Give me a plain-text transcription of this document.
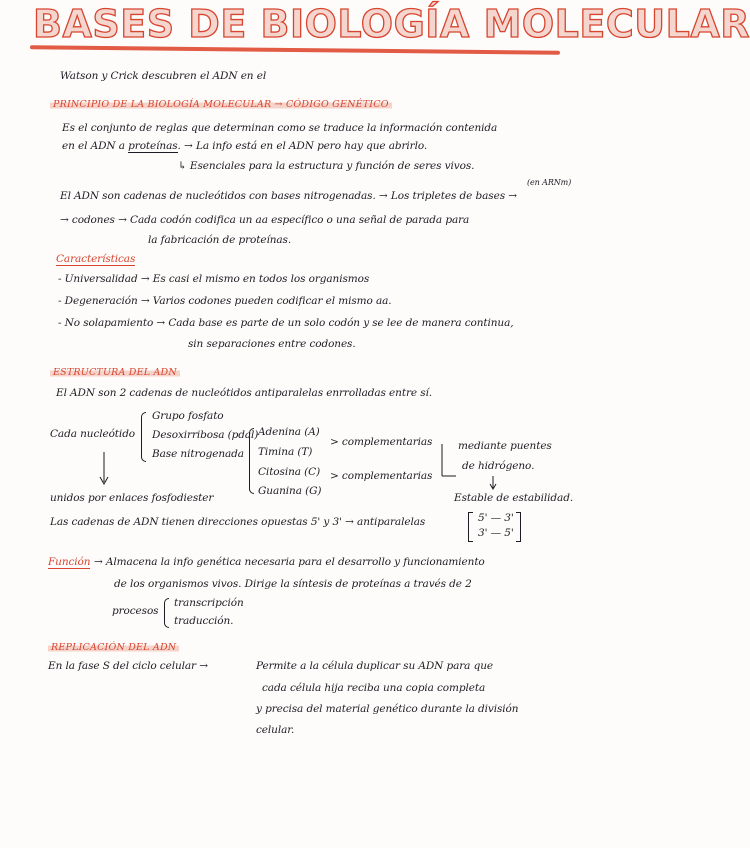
BASES DE BIOLOGÍA MOLECULAR
Watson y Crick descubren el ADN en el
PRINCIPIO DE LA BIOLOGÍA MOLECULAR → CÓDIGO GENÉTICO
Es el conjunto de reglas que determinan como se traduce la información contenida
en el ADN a proteínas. → La info está en el ADN pero hay que abrirlo.
↳ Esenciales para la estructura y función de seres vivos.
(en ARNm)
El ADN son cadenas de nucleótidos con bases nitrogenadas. → Los tripletes de bases →
→ codones → Cada codón codifica un aa específico o una señal de parada para
la fabricación de proteínas.
Características
- Universalidad → Es casi el mismo en todos los organismos
- Degeneración → Varios codones pueden codificar el mismo aa.
- No solapamiento → Cada base es parte de un solo codón y se lee de manera continua,
sin separaciones entre codones.
ESTRUCTURA DEL ADN
El ADN son 2 cadenas de nucleótidos antiparalelas enrrolladas entre sí.
Cada nucleótido
Grupo fosfato
Desoxirribosa (pdal)
Base nitrogenada
Adenina (A)
Timina (T)
Citosina (C)
Guanina (G)
> complementarias
> complementarias
mediante puentes
de hidrógeno.
Estable de estabilidad.
unidos por enlaces fosfodiester
Las cadenas de ADN tienen direcciones opuestas 5' y 3' → antiparalelas	5' — 3'
3' — 5'
Función → Almacena la info genética necesaria para el desarrollo y funcionamiento
de los organismos vivos. Dirige la síntesis de proteínas a través de 2
procesos
transcripción
traducción.
REPLICACIÓN DEL ADN
En la fase S del ciclo celular →	Permite a la célula duplicar su ADN para que
cada célula hija reciba una copia completa
y precisa del material genético durante la división
celular.
